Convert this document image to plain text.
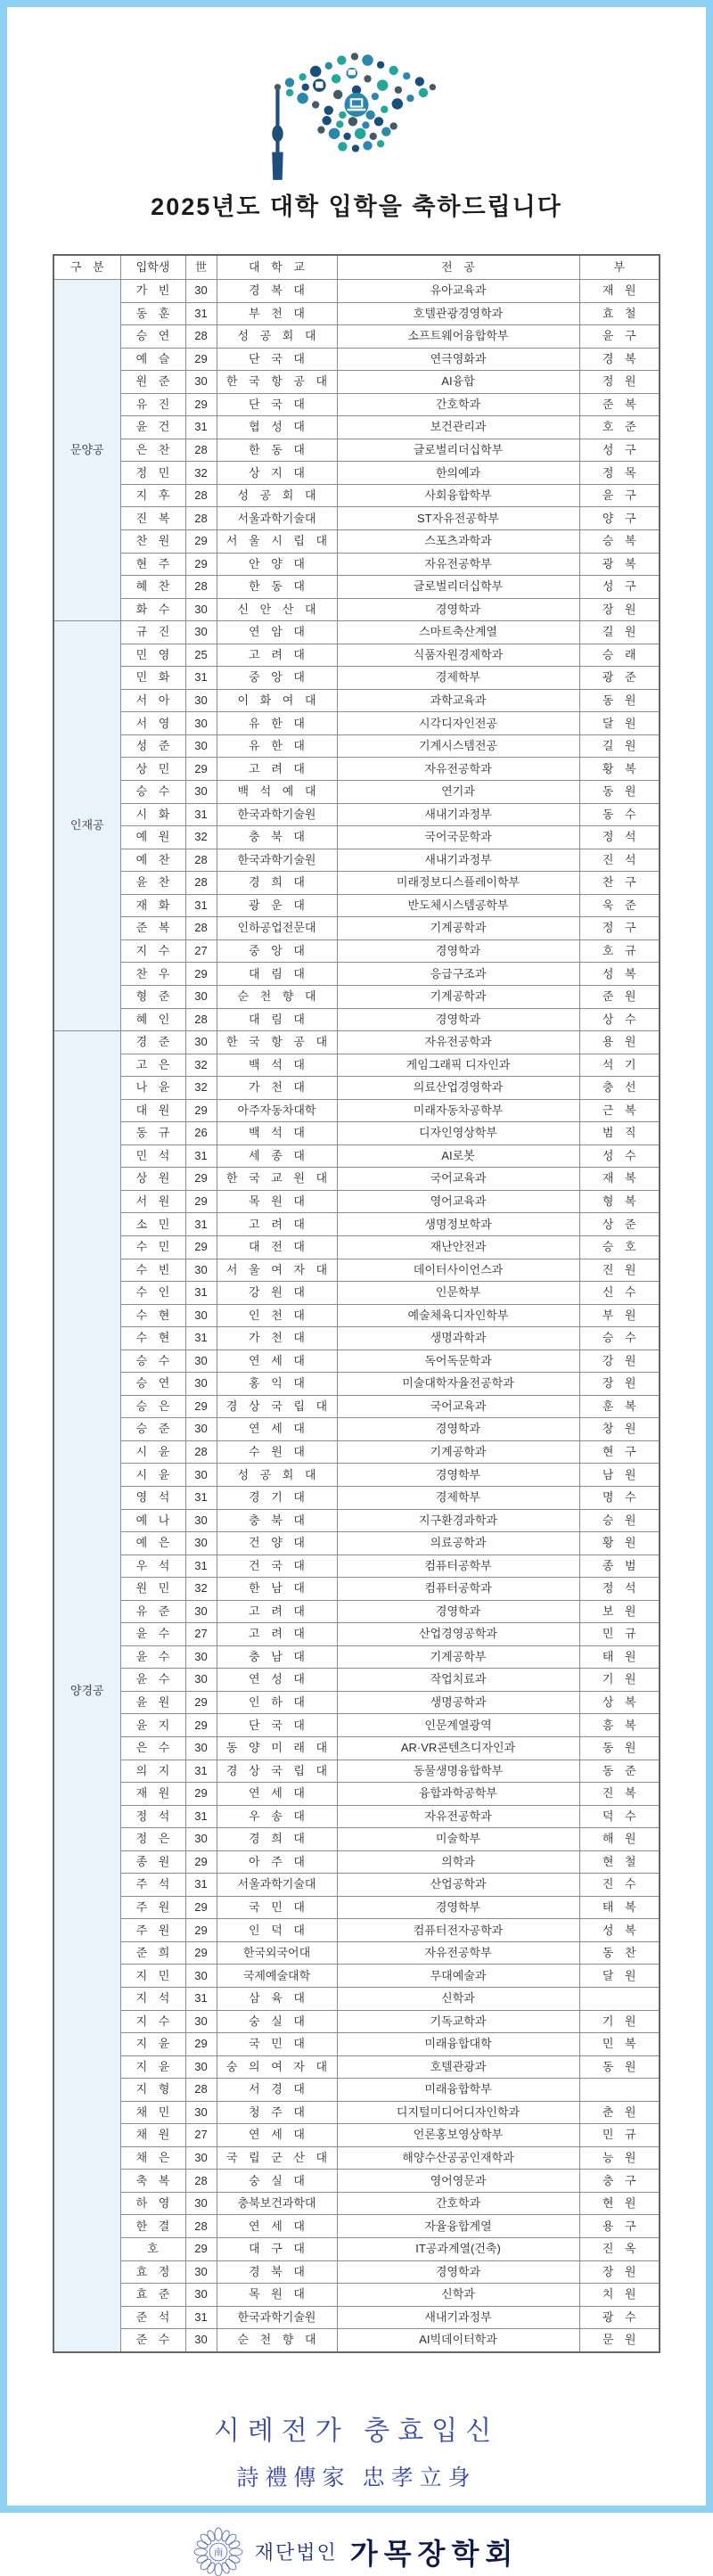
2025년도 대학 입학을 축하드립니다
구 분	입학생	世	대 학 교	전 공	부
문양공	가 빈	30	경 복 대	유아교육과	재 원
	동 훈	31	부 천 대	호텔관광경영학과	효 철
	승 연	28	성 공 회 대	소프트웨어융합학부	윤 구
	예 슬	29	단 국 대	연극영화과	경 복
	원 준	30	한 국 항 공 대	AI융합	정 원
	유 진	29	단 국 대	간호학과	준 복
	윤 건	31	협 성 대	보건관리과	호 준
	은 찬	28	한 동 대	글로벌리더십학부	성 구
	정 민	32	상 지 대	한의예과	정 목
	지 후	28	성 공 회 대	사회융합학부	윤 구
	진 복	28	서울과학기술대	ST자유전공학부	양 구
	찬 원	29	서 울 시 립 대	스포츠과학과	승 복
	현 주	29	안 양 대	자유전공학부	광 복
	혜 찬	28	한 동 대	글로벌리더십학부	성 구
	화 수	30	신 안 산 대	경영학과	장 원
인재공	규 진	30	연 암 대	스마트축산계열	길 원
	민 영	25	고 려 대	식품자원경제학과	승 래
	민 화	31	중 앙 대	경제학부	광 준
	서 아	30	이 화 여 대	과학교육과	동 원
	서 영	30	유 한 대	시각디자인전공	달 원
	성 준	30	유 한 대	기계시스템전공	길 원
	상 민	29	고 려 대	자유전공학과	황 복
	승 수	30	백 석 예 대	연기과	동 원
	시 화	31	한국과학기술원	새내기과정부	동 수
	예 원	32	충 북 대	국어국문학과	정 석
	예 찬	28	한국과학기술원	새내기과정부	진 석
	윤 찬	28	경 희 대	미래정보디스플레이학부	찬 구
	재 화	31	광 운 대	반도체시스템공학부	욱 준
	준 복	28	인하공업전문대	기계공학과	정 구
	지 수	27	중 앙 대	경영학과	호 규
	찬 우	29	대 림 대	응급구조과	성 복
	형 준	30	순 천 향 대	기계공학과	준 원
	혜 인	28	대 림 대	경영학과	상 수
양경공	경 준	30	한 국 항 공 대	자유전공학과	용 원
	고 은	32	백 석 대	게임그래픽 디자인과	석 기
	나 윤	32	가 천 대	의료산업경영학과	충 선
	대 원	29	아주자동차대학	미래자동차공학부	근 복
	동 규	26	백 석 대	디자인영상학부	범 직
	민 석	31	세 종 대	AI로봇	성 수
	상 원	29	한 국 교 원 대	국어교육과	재 복
	서 원	29	목 원 대	영어교육과	형 복
	소 민	31	고 려 대	생명정보학과	상 준
	수 민	29	대 전 대	재난안전과	승 호
	수 빈	30	서 울 여 자 대	데이터사이언스과	진 원
	수 인	31	강 원 대	인문학부	신 수
	수 현	30	인 천 대	예술체육디자인학부	부 원
	수 현	31	가 천 대	생명과학과	승 수
	승 수	30	연 세 대	독어독문학과	강 원
	승 연	30	홍 익 대	미술대학자율전공학과	장 원
	승 은	29	경 상 국 립 대	국어교육과	훈 복
	승 준	30	연 세 대	경영학과	창 원
	시 윤	28	수 원 대	기계공학과	현 구
	시 윤	30	성 공 회 대	경영학부	남 원
	영 석	31	경 기 대	경제학부	명 수
	예 나	30	충 북 대	지구환경과학과	승 원
	예 은	30	건 양 대	의료공학과	황 원
	우 석	31	건 국 대	컴퓨터공학부	종 범
	원 민	32	한 남 대	컴퓨터공학과	정 석
	유 준	30	고 려 대	경영학과	보 원
	윤 수	27	고 려 대	산업경영공학과	민 규
	윤 수	30	충 남 대	기계공학부	태 원
	윤 수	30	연 성 대	작업치료과	기 원
	윤 원	29	인 하 대	생명공학과	상 복
	윤 지	29	단 국 대	인문계열광역	흥 복
	은 수	30	동 양 미 래 대	AR·VR콘텐츠디자인과	동 원
	의 지	31	경 상 국 립 대	동물생명융합학부	동 준
	재 원	29	연 세 대	융합과학공학부	진 복
	정 석	31	우 송 대	자유전공학과	덕 수
	정 은	30	경 희 대	미술학부	해 원
	종 원	29	아 주 대	의학과	현 철
	주 석	31	서울과학기술대	산업공학과	진 수
	주 원	29	국 민 대	경영학부	태 복
	주 원	29	인 덕 대	컴퓨터전자공학과	성 복
	준 희	29	한국외국어대	자유전공학부	동 찬
	지 민	30	국제예술대학	무대예술과	달 원
	지 석	31	삼 육 대	신학과	
	지 수	30	숭 실 대	기독교학과	기 원
	지 윤	29	국 민 대	미래융합대학	민 복
	지 윤	30	숭 의 여 자 대	호텔관광과	동 원
	지 형	28	서 경 대	미래융합학부	
	채 민	30	청 주 대	디지털미디어디자인학과	춘 원
	채 원	27	연 세 대	언론홍보영상학부	민 규
	채 은	30	국 립 군 산 대	해양수산공공인재학과	능 원
	축 복	28	숭 실 대	영어영문과	충 구
	하 영	30	충북보건과학대	간호학과	현 원
	한 결	28	연 세 대	자율융합계열	용 구
	호	29	대 구 대	IT공과계열(건축)	진 옥
	효 정	30	경 북 대	경영학과	장 원
	효 준	30	목 원 대	신학과	치 원
	준 석	31	한국과학기술원	새내기과정부	광 수
	준 수	30	순 천 향 대	AI빅데이터학과	문 원
시례전가 충효입신
詩禮傳家 忠孝立身
南 재단법인 가목장학회
